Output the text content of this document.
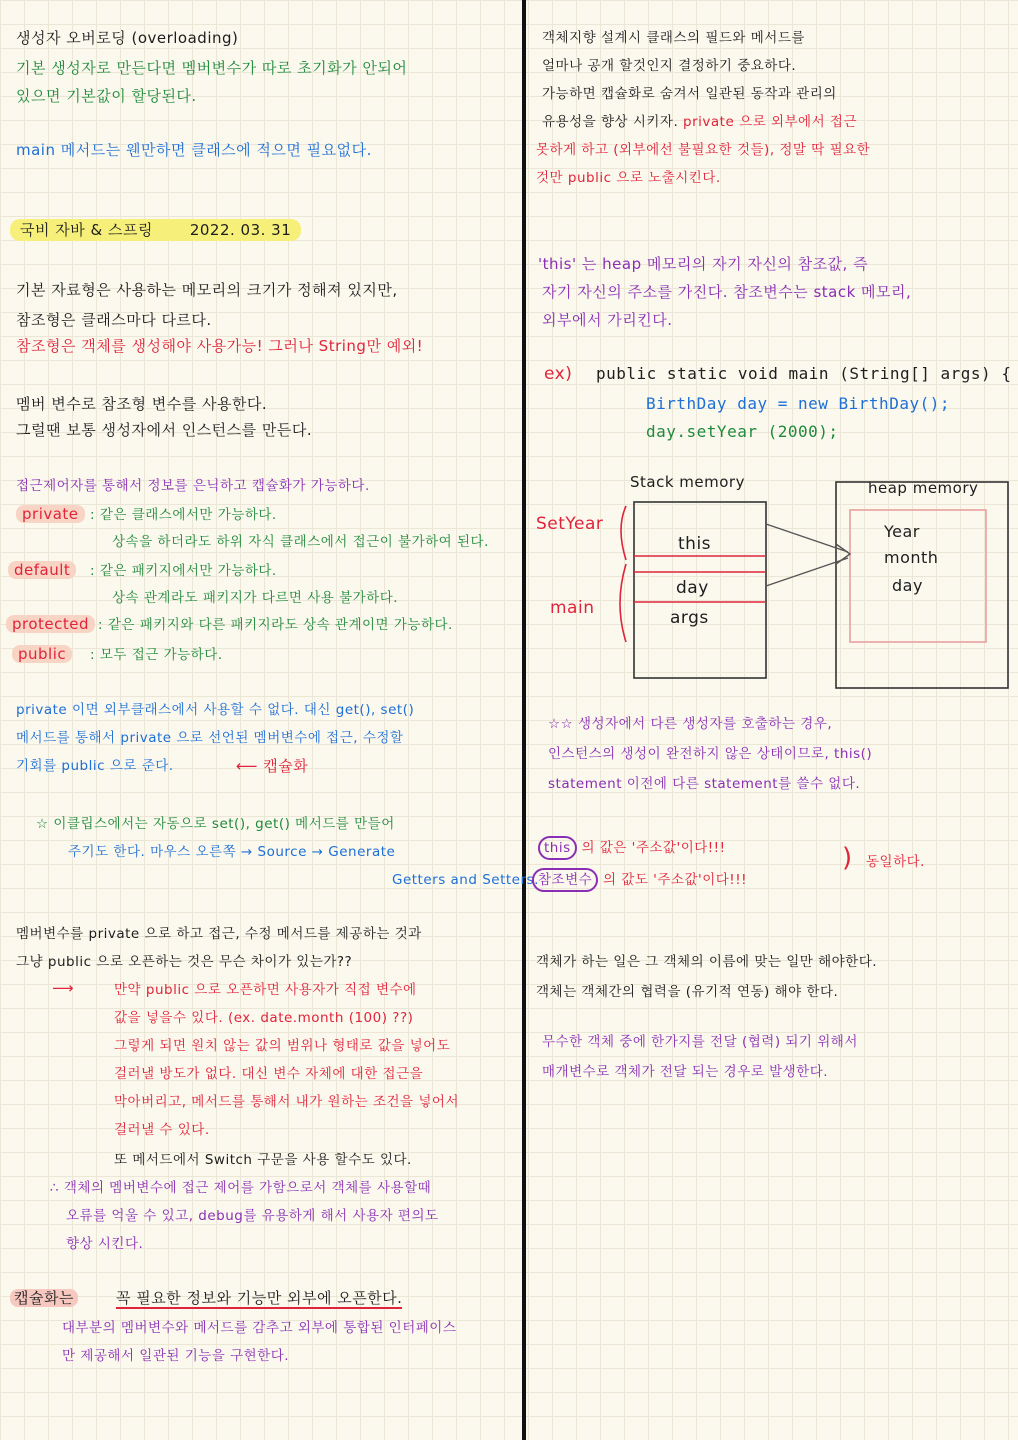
생성자 오버로딩 (overloading)
기본 생성자로 만든다면 멤버변수가 따로 초기화가 안되어
있으면 기본값이 할당된다.
main 메서드는 웬만하면 클래스에 적으면 필요없다.
국비 자바 & 스프링 2022. 03. 31
기본 자료형은 사용하는 메모리의 크기가 정해져 있지만,
참조형은 클래스마다 다르다.
참조형은 객체를 생성해야 사용가능! 그러나 String만 예외!
멤버 변수로 참조형 변수를 사용한다.
그럴땐 보통 생성자에서 인스턴스를 만든다.
접근제어자를 통해서 정보를 은닉하고 캡슐화가 가능하다.
private : 같은 클래스에서만 가능하다.
상속을 하더라도 하위 자식 클래스에서 접근이 불가하여 된다.
default	: 같은 패키지에서만 가능하다.
상속 관계라도 패키지가 다르면 사용 불가하다.
protected : 같은 패키지와 다른 패키지라도 상속 관계이면 가능하다.
public	: 모두 접근 가능하다.
private 이면 외부클래스에서 사용할 수 없다. 대신 get(), set()
메서드를 통해서 private 으로 선언된 멤버변수에 접근, 수정할
기회를 public 으로 준다.	⟵ 캡슐화
☆ 이클립스에서는 자동으로 set(), get() 메서드를 만들어
주기도 한다. 마우스 오른쪽 → Source → Generate
Getters and Setters.
멤버변수를 private 으로 하고 접근, 수정 메서드를 제공하는 것과
그냥 public 으로 오픈하는 것은 무슨 차이가 있는가??
⟶	만약 public 으로 오픈하면 사용자가 직접 변수에
값을 넣을수 있다. (ex. date.month (100) ??)
그렇게 되면 원치 않는 값의 범위나 형태로 값을 넣어도
걸러낼 방도가 없다. 대신 변수 자체에 대한 접근을
막아버리고, 메서드를 통해서 내가 원하는 조건을 넣어서
걸러낼 수 있다.
또 메서드에서 Switch 구문을 사용 할수도 있다.
∴ 객체의 멤버변수에 접근 제어를 가함으로서 객체를 사용할때
오류를 억울 수 있고, debug를 유용하게 해서 사용자 편의도
향상 시킨다.
캡슐화는	꼭 필요한 정보와 기능만 외부에 오픈한다.
대부분의 멤버변수와 메서드를 감추고 외부에 통합된 인터페이스
만 제공해서 일관된 기능을 구현한다.
객체지향 설계시 클래스의 필드와 메서드를
얼마나 공개 할것인지 결정하기 중요하다.
가능하면 캡슐화로 숨겨서 일관된 동작과 관리의
유용성을 향상 시키자. private 으로 외부에서 접근
못하게 하고 (외부에선 불필요한 것들), 정말 딱 필요한
것만 public 으로 노출시킨다.
'this' 는 heap 메모리의 자기 자신의 참조값, 즉
자기 자신의 주소를 가진다. 참조변수는 stack 메모리,
외부에서 가리킨다.
ex) public static void main (String[] args) {
BirthDay day = new BirthDay();
day.setYear (2000);
Stack memory	heap memory
SetYear
main
this
day
args
Year
month
day
☆☆ 생성자에서 다른 생성자를 호출하는 경우,
인스턴스의 생성이 완전하지 않은 상태이므로, this()
statement 이전에 다른 statement를 쓸수 없다.
this 의 값은 '주소값'이다!!!
참조변수 의 값도 '주소값'이다!!!
) 동일하다.
객체가 하는 일은 그 객체의 이름에 맞는 일만 해야한다.
객체는 객체간의 협력을 (유기적 연동) 해야 한다.
무수한 객체 중에 한가지를 전달 (협력) 되기 위해서
매개변수로 객체가 전달 되는 경우로 발생한다.
